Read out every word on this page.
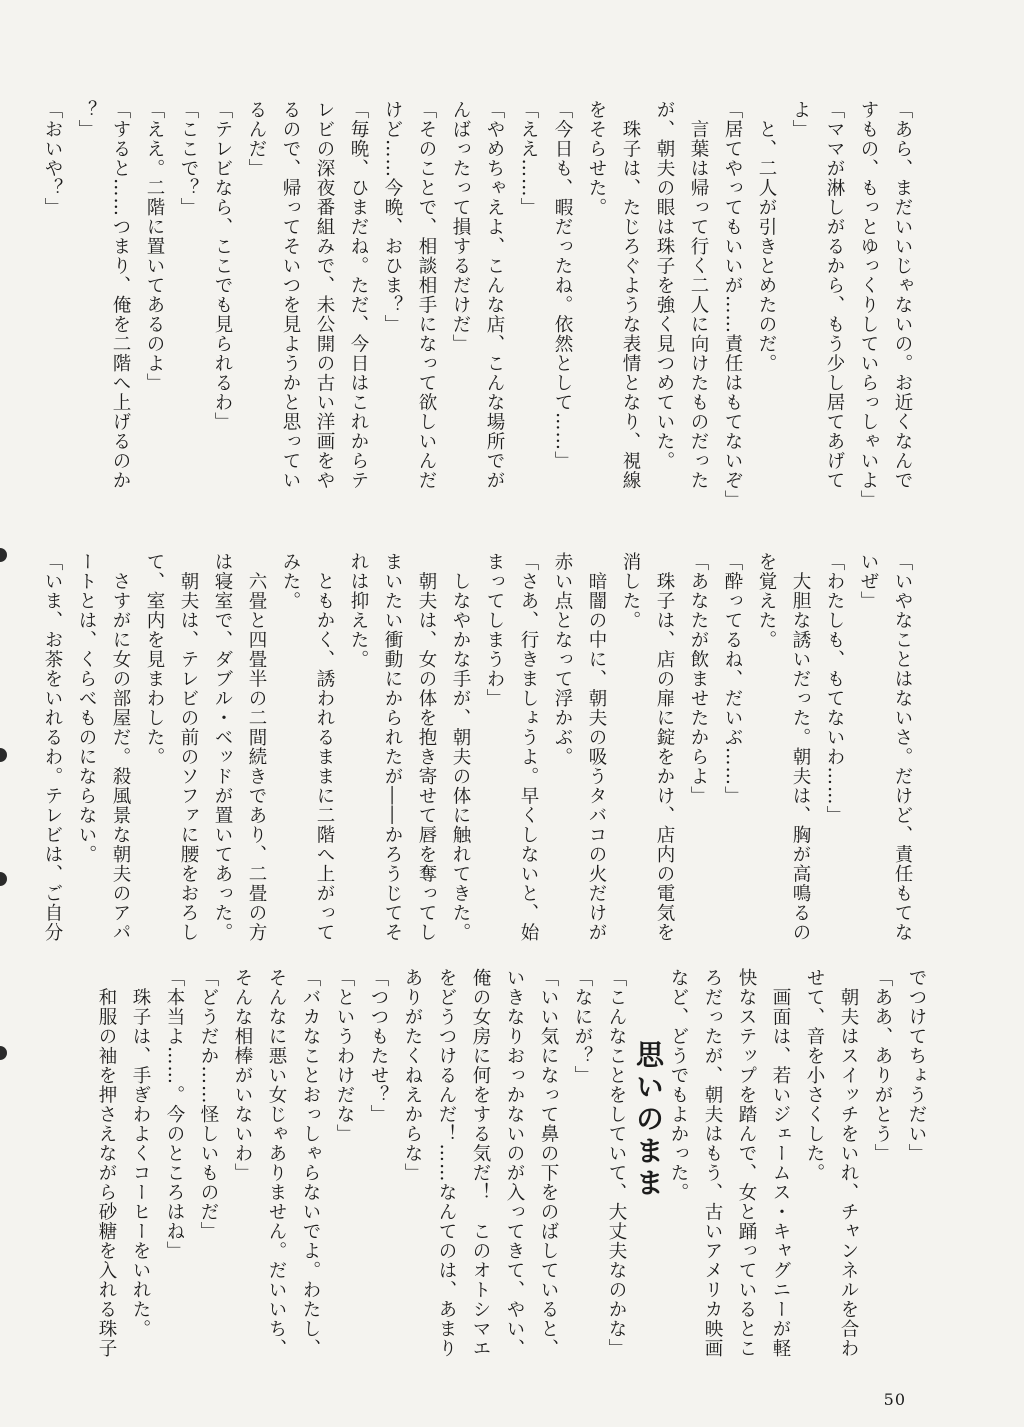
「あら、まだいいじゃないの。お近くなんで
すもの、もっとゆっくりしていらっしゃいよ」
「ママが淋しがるから、もう少し居てあげて
よ」
　と、二人が引きとめたのだ。
「居てやってもいいが……責任はもてないぞ」
　言葉は帰って行く二人に向けたものだった
が、朝夫の眼は珠子を強く見つめていた。
　珠子は、たじろぐような表情となり、視線
をそらせた。
「今日も、暇だったね。依然として……」
「ええ……」
「やめちゃえよ、こんな店、こんな場所でが
んばったって損するだけだ」
「そのことで、相談相手になって欲しいんだ
けど……今晩、おひま？」
「毎晩、ひまだね。ただ、今日はこれからテ
レビの深夜番組みで、未公開の古い洋画をや
るので、帰ってそいつを見ようかと思ってい
るんだ」
「テレビなら、ここでも見られるわ」
「ここで？」
「ええ。二階に置いてあるのよ」
「すると……つまり、俺を二階へ上げるのか
？」
「おいや？」
「いやなことはないさ。だけど、責任もてな
いぜ」
「わたしも、もてないわ……」
　大胆な誘いだった。朝夫は、胸が高鳴るの
を覚えた。
「酔ってるね、だいぶ……」
「あなたが飲ませたからよ」
　珠子は、店の扉に錠をかけ、店内の電気を
消した。
　暗闇の中に、朝夫の吸うタバコの火だけが
赤い点となって浮かぶ。
「さあ、行きましょうよ。早くしないと、始
まってしまうわ」
　しなやかな手が、朝夫の体に触れてきた。
　朝夫は、女の体を抱き寄せて唇を奪ってし
まいたい衝動にかられたが――かろうじてそ
れは抑えた。
　ともかく、誘われるままに二階へ上がって
みた。
　六畳と四畳半の二間続きであり、二畳の方
は寝室で、ダブル・ベッドが置いてあった。
　朝夫は、テレビの前のソファに腰をおろし
て、室内を見まわした。
　さすがに女の部屋だ。殺風景な朝夫のアパ
ートとは、くらべものにならない。
「いま、お茶をいれるわ。テレビは、ご自分
でつけてちょうだい」
「ああ、ありがとう」
　朝夫はスイッチをいれ、チャンネルを合わ
せて、音を小さくした。
　画面は、若いジェームス・キャグニーが軽
快なステップを踏んで、女と踊っているとこ
ろだったが、朝夫はもう、古いアメリカ映画
など、どうでもよかった。
「こんなことをしていて、大丈夫なのかな」
「なにが？」
「いい気になって鼻の下をのばしていると、
いきなりおっかないのが入ってきて、やい、
俺の女房に何をする気だ！　このオトシマエ
をどうつけるんだ！……なんてのは、あまり
ありがたくねえからな」
「つつもたせ？」
「というわけだな」
「バカなことおっしゃらないでよ。わたし、
そんなに悪い女じゃありません。だいいち、
そんな相棒がいないわ」
「どうだか……怪しいものだ」
「本当よ……。今のところはね」
　珠子は、手ぎわよくコーヒーをいれた。
　和服の袖を押さえながら砂糖を入れる珠子	思いのまま
50
